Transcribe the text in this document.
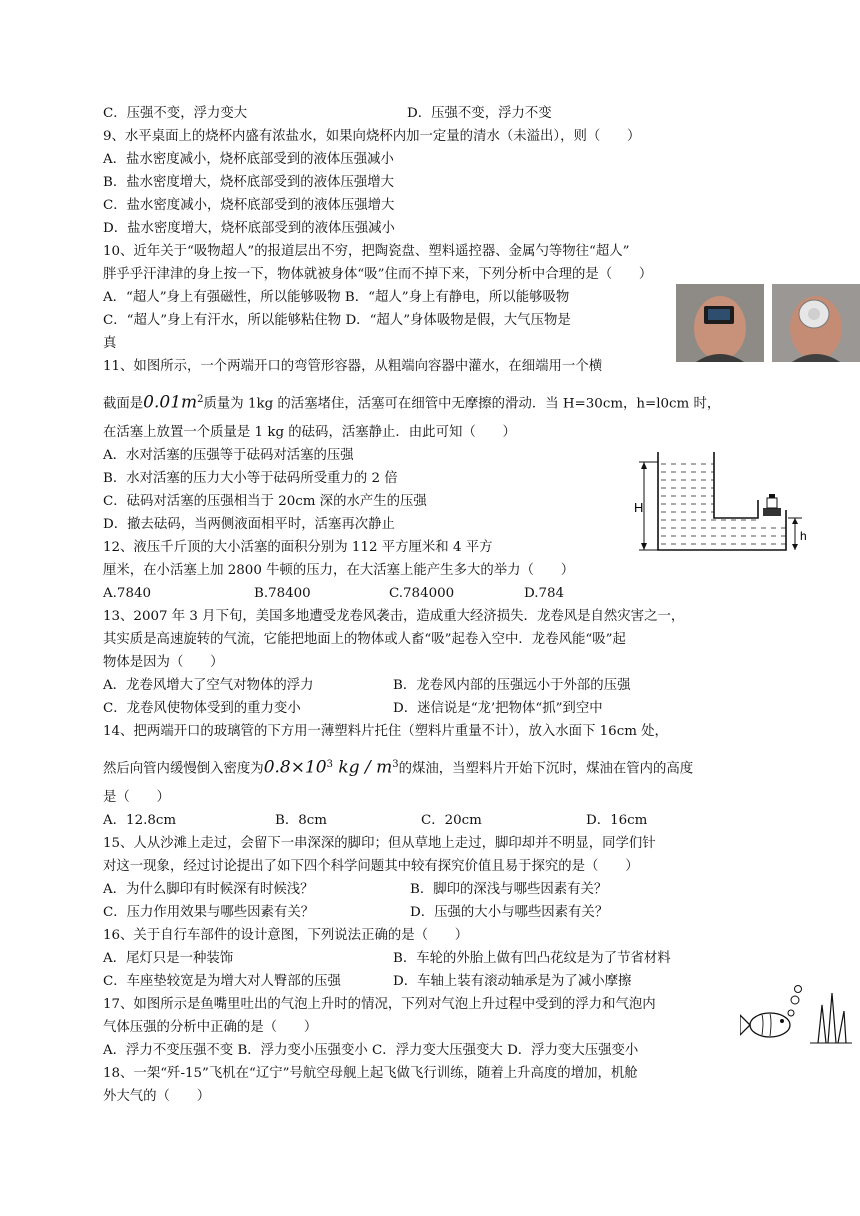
C．压强不变，浮力变大	D．压强不变，浮力不变
9、水平桌面上的烧杯内盛有浓盐水，如果向烧杯内加一定量的清水（未溢出），则（　　）
A．盐水密度减小，烧杯底部受到的液体压强减小
B．盐水密度增大，烧杯底部受到的液体压强增大
C．盐水密度减小，烧杯底部受到的液体压强增大
D．盐水密度增大，烧杯底部受到的液体压强减小
10、近年关于“吸物超人”的报道层出不穷，把陶瓷盘、塑料遥控器、金属勺等物往“超人”
胖乎乎汗津津的身上按一下，物体就被身体“吸”住而不掉下来，下列分析中合理的是（　　）
A．“超人”身上有强磁性，所以能够吸物 B．“超人”身上有静电，所以能够吸物
C．“超人”身上有汗水，所以能够粘住物 D．“超人”身体吸物是假，大气压物是
真
11、如图所示，一个两端开口的弯管形容器，从粗端向容器中灌水，在细端用一个横
截面是$0.01m^2$质量为 1kg 的活塞堵住，活塞可在细管中无摩擦的滑动．当 H=30cm，h=l0cm 时，
在活塞上放置一个质量是 1 kg 的砝码，活塞静止．由此可知（　　）
A．水对活塞的压强等于砝码对活塞的压强
B．水对活塞的压力大小等于砝码所受重力的 2 倍
C．砝码对活塞的压强相当于 20cm 深的水产生的压强
D．撤去砝码，当两侧液面相平时，活塞再次静止
H
h
12、液压千斤顶的大小活塞的面积分别为 112 平方厘米和 4 平方
厘米，在小活塞上加 2800 牛顿的压力，在大活塞上能产生多大的举力（　　）
A.7840	B.78400	C.784000	D.784
13、2007 年 3 月下旬，美国多地遭受龙卷风袭击，造成重大经济损失．龙卷风是自然灾害之一，
其实质是高速旋转的气流，它能把地面上的物体或人畜“吸”起卷入空中．龙卷风能“吸”起
物体是因为（　　）
A．龙卷风增大了空气对物体的浮力	B．龙卷风内部的压强远小于外部的压强
C．龙卷风使物体受到的重力变小	D．迷信说是“龙’把物体“抓”到空中
14、把两端开口的玻璃管的下方用一薄塑料片托住（塑料片重量不计），放入水面下 16cm 处，
然后向管内缓慢倒入密度为$0.8\times 10^3$ kg / $m^3$的煤油，当塑料片开始下沉时，煤油在管内的高度
是（　　）
A．12.8cm	B．8cm	C．20cm	D．16cm
15、人从沙滩上走过，会留下一串深深的脚印；但从草地上走过，脚印却并不明显，同学们针
对这一现象，经过讨论提出了如下四个科学问题其中较有探究价值且易于探究的是（　　）
A．为什么脚印有时候深有时候浅？	B．脚印的深浅与哪些因素有关？
C．压力作用效果与哪些因素有关？	D．压强的大小与哪些因素有关？
16、关于自行车部件的设计意图，下列说法正确的是（　　）
A．尾灯只是一种装饰	B．车轮的外胎上做有凹凸花纹是为了节省材料
C．车座垫较宽是为增大对人臀部的压强	D．车轴上装有滚动轴承是为了减小摩擦
17、如图所示是鱼嘴里吐出的气泡上升时的情况，下列对气泡上升过程中受到的浮力和气泡内
气体压强的分析中正确的是（　　）
A．浮力不变压强不变 B．浮力变小压强变小 C．浮力变大压强变大 D．浮力变大压强变小
18、一架“歼-15”飞机在“辽宁”号航空母舰上起飞做飞行训练，随着上升高度的增加，机舱
外大气的（　　）
